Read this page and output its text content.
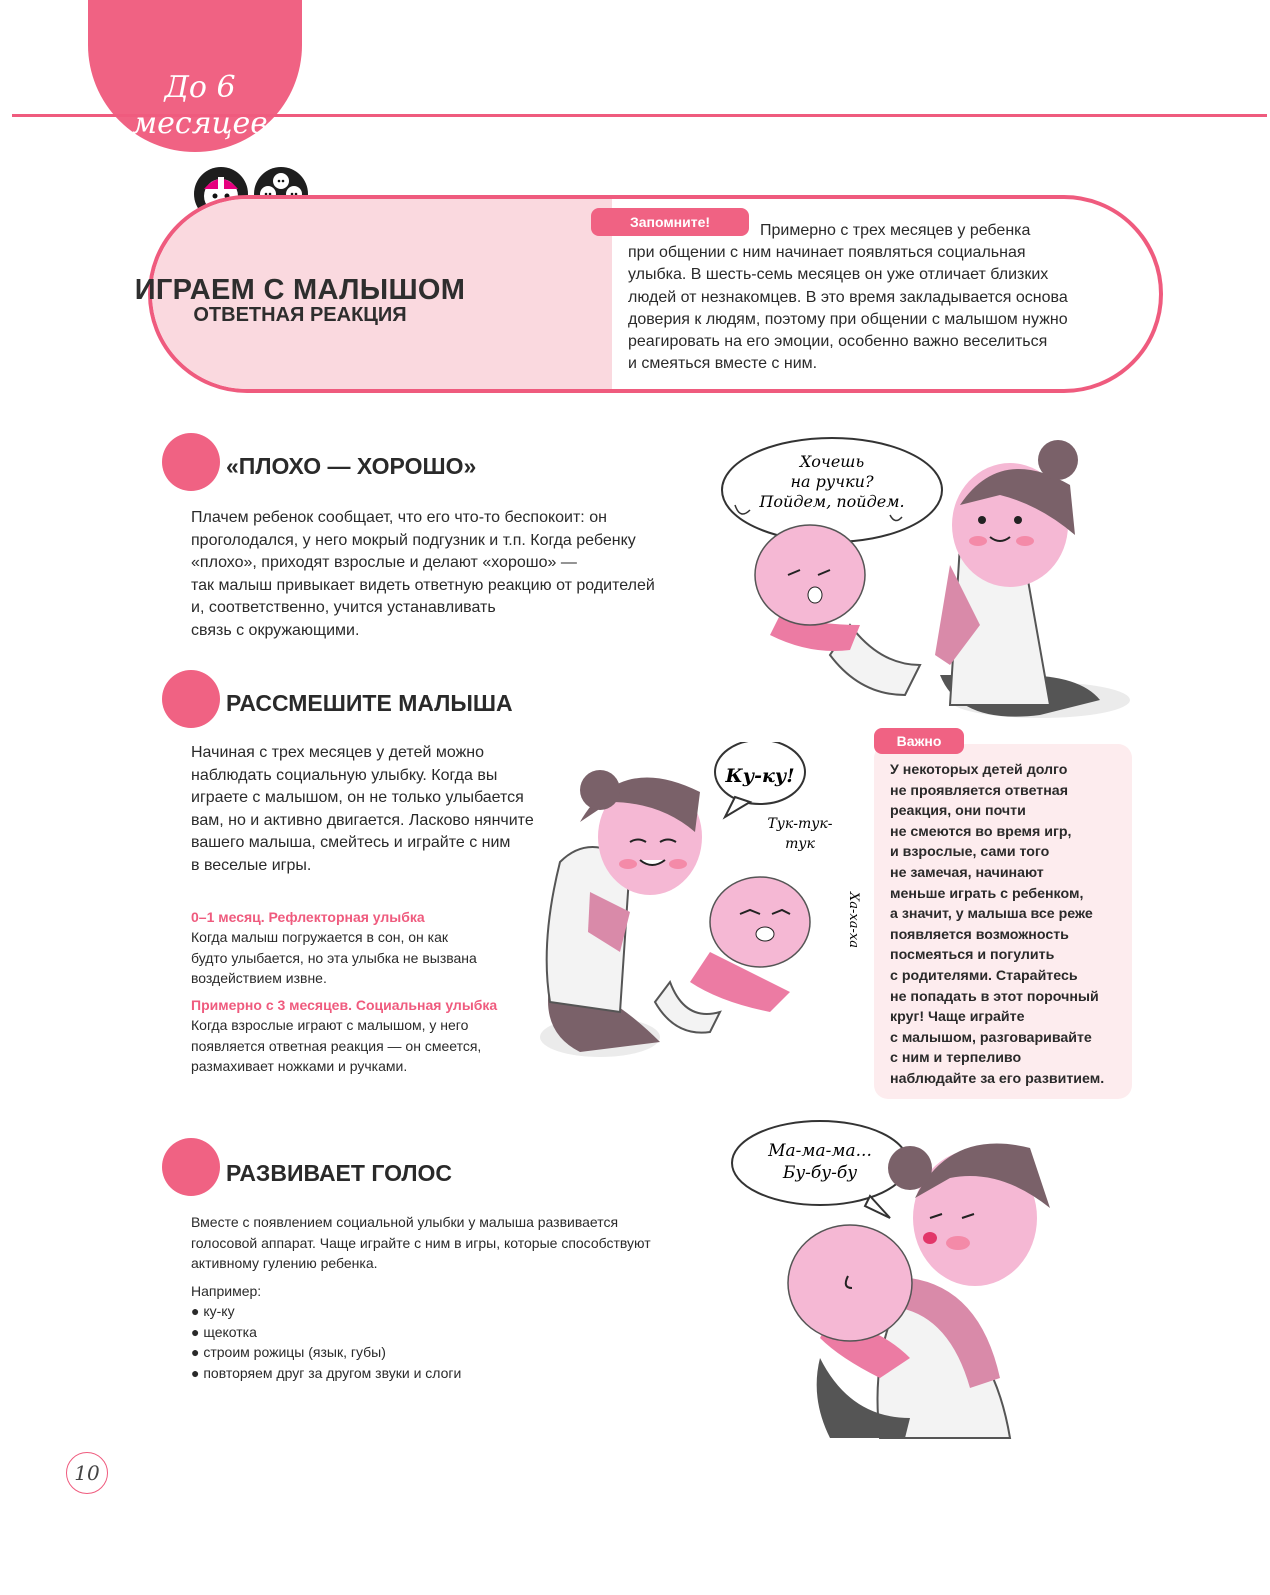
До 6
месяцев
ИГРАЕМ С МАЛЫШОМ
ОТВЕТНАЯ РЕАКЦИЯ
Запомните!	Примерно с трех месяцев у ребенка
при общении с ним начинает появляться социальная
улыбка. В шесть-семь месяцев он уже отличает близких
людей от незнакомцев. В это время закладывается основа
доверия к людям, поэтому при общении с малышом нужно
реагировать на его эмоции, особенно важно веселиться
и смеяться вместе с ним.
«ПЛОХО — ХОРОШО»
Плачем ребенок сообщает, что его что-то беспокоит: он
проголодался, у него мокрый подгузник и т.п. Когда ребенку
«плохо», приходят взрослые и делают «хорошо» —
так малыш привыкает видеть ответную реакцию от родителей
и, соответственно, учится устанавливать
связь с окружающими.
Хочешь
на ручки?
Пойдем, пойдем.
РАССМЕШИТЕ МАЛЫША
Начиная с трех месяцев у детей можно
наблюдать социальную улыбку. Когда вы
играете с малышом, он не только улыбается
вам, но и активно двигается. Ласково нянчите
вашего малыша, смейтесь и играйте с ним
в веселые игры.
0–1 месяц. Рефлекторная улыбка
Когда малыш погружается в сон, он как
будто улыбается, но эта улыбка не вызвана
воздействием извне.
Ку-ку!
Тук-тук-
тук
Ха-ха-ха
Примерно с 3 месяцев. Социальная улыбка
Когда взрослые играют с малышом, у него
появляется ответная реакция — он смеется,
размахивает ножками и ручками.
Важно
У некоторых детей долго
не проявляется ответная
реакция, они почти
не смеются во время игр,
и взрослые, сами того
не замечая, начинают
меньше играть с ребенком,
а значит, у малыша все реже
появляется возможность
посмеяться и погулить
с родителями. Старайтесь
не попадать в этот порочный
круг! Чаще играйте
с малышом, разговаривайте
с ним и терпеливо
наблюдайте за его развитием.
РАЗВИВАЕТ ГОЛОС
Вместе с появлением социальной улыбки у малыша развивается
голосовой аппарат. Чаще играйте с ним в игры, которые способствуют
активному гулению ребенка.
Например:
● ку-ку
● щекотка
● строим рожицы (язык, губы)
● повторяем друг за другом звуки и слоги
Ма-ма-ма...
Бу-бу-бу
10
